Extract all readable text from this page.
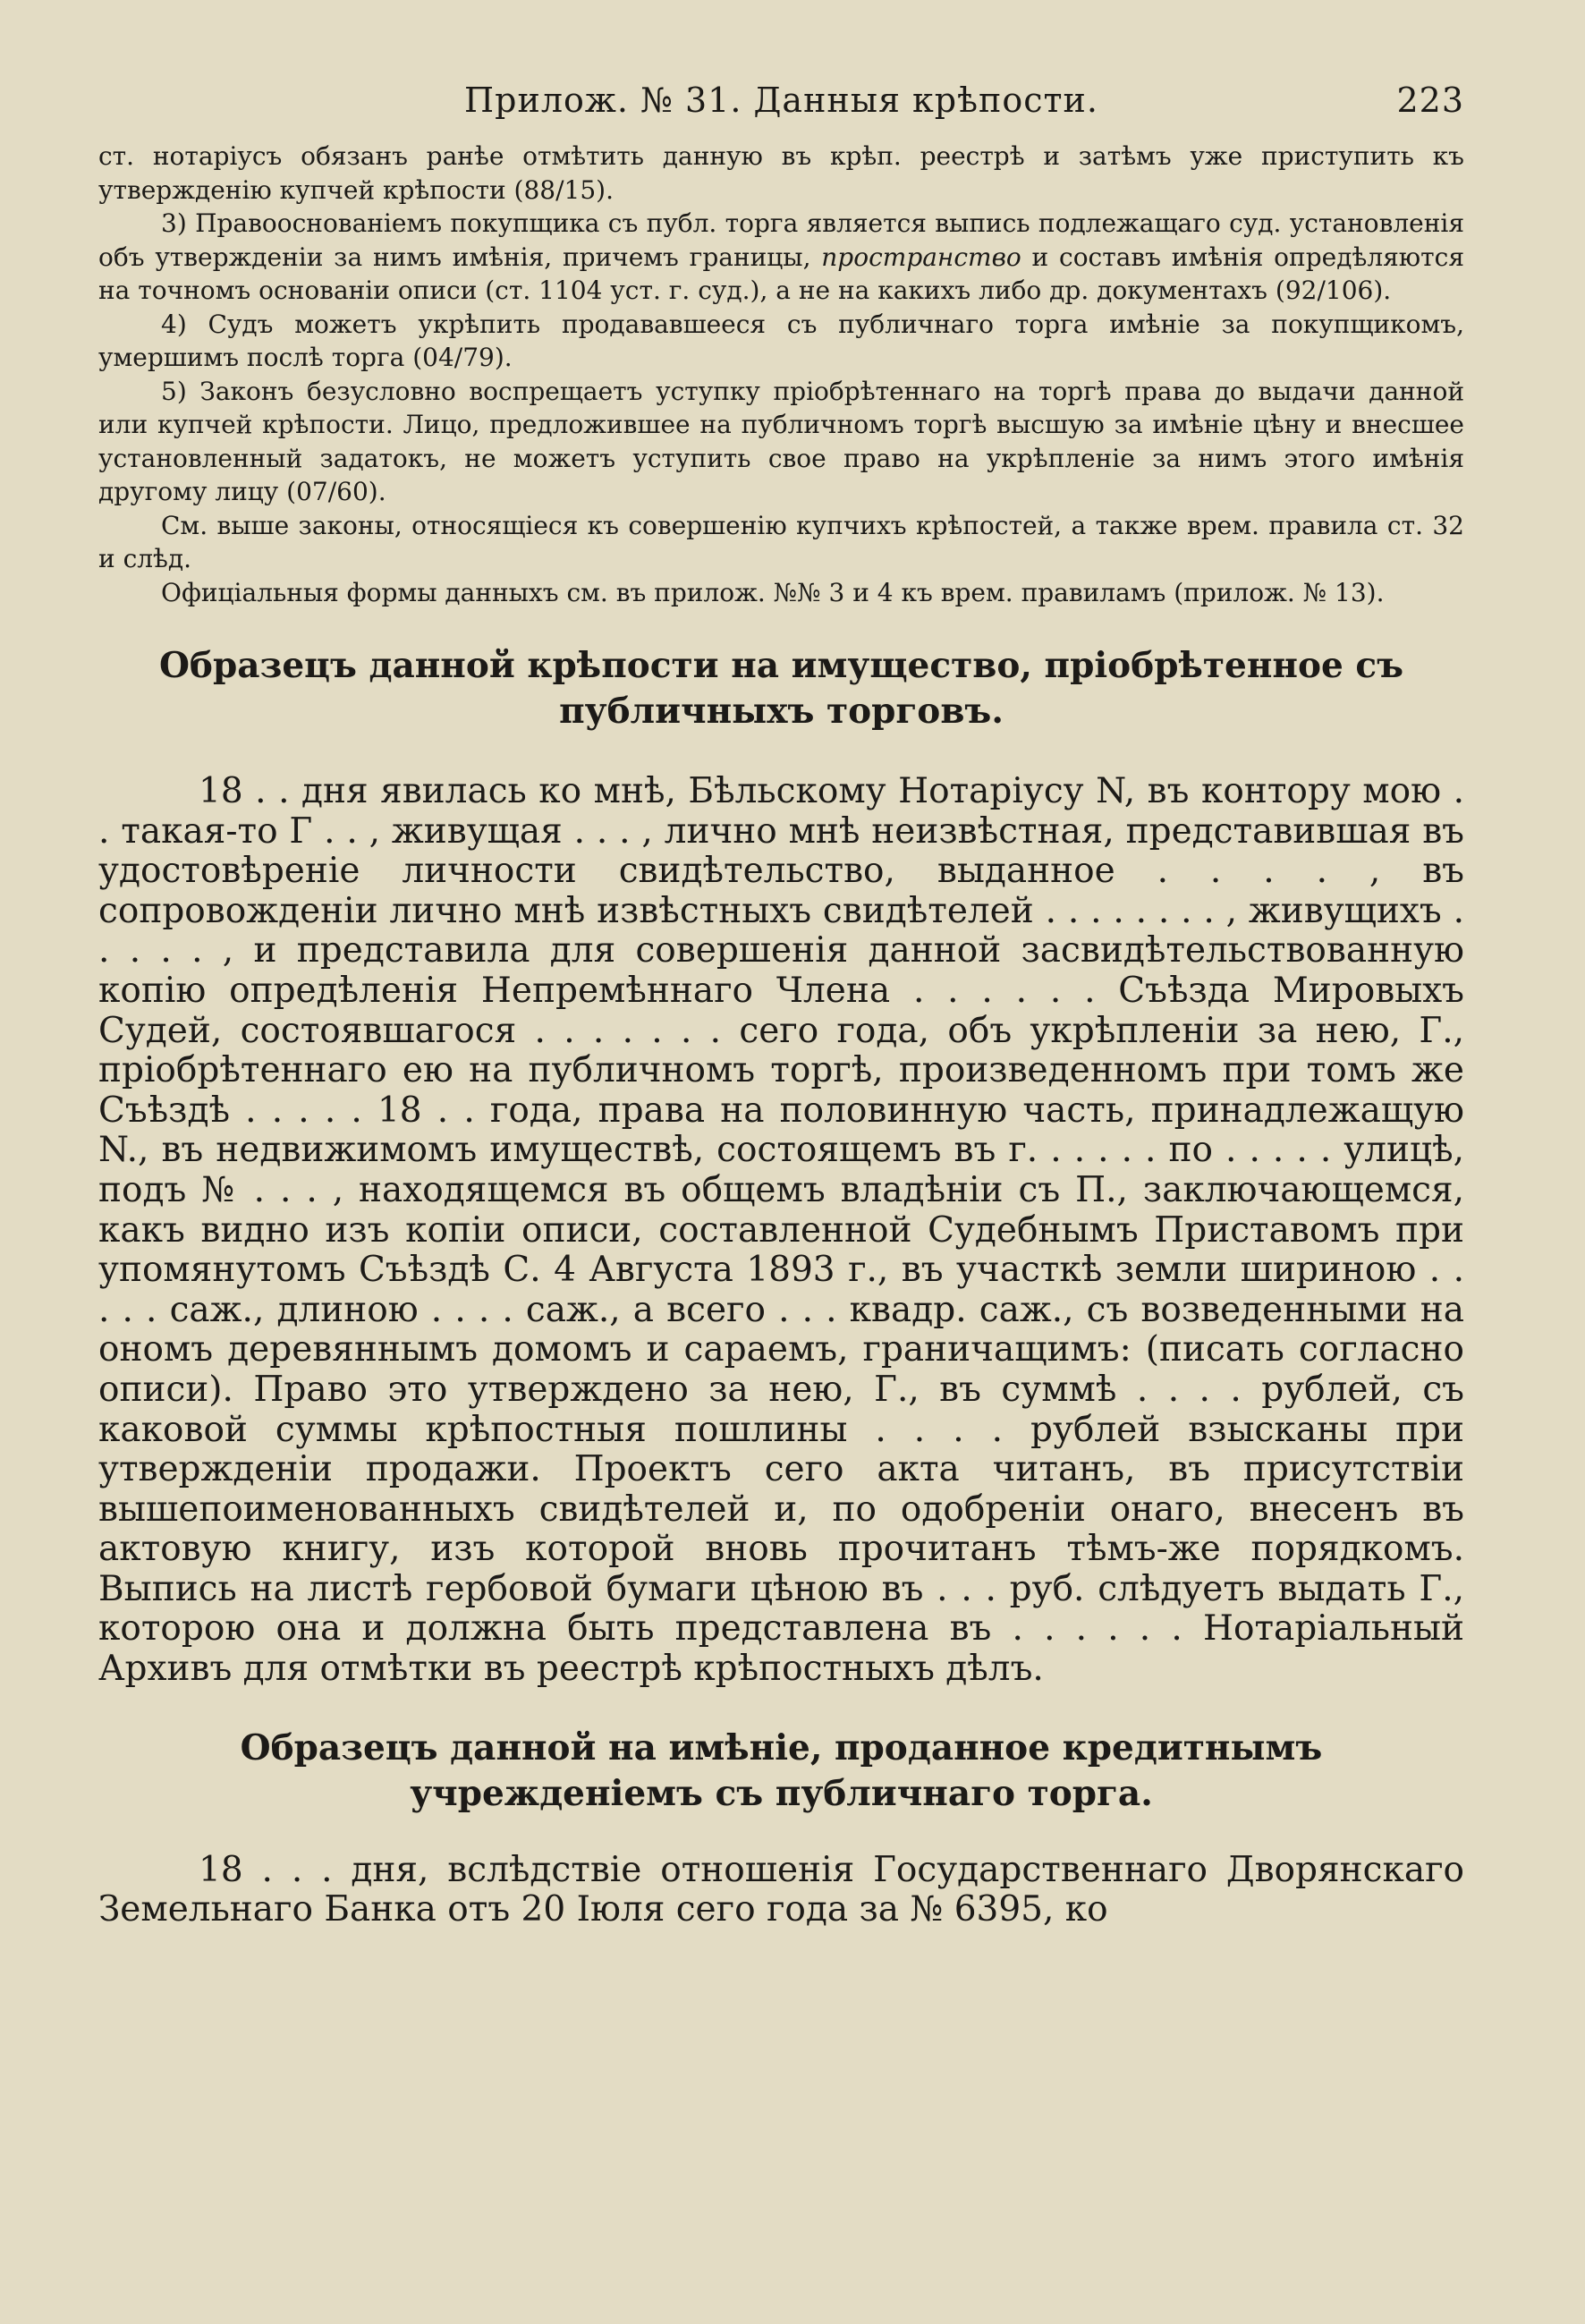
Прилож. № 31. Данныя крѣпости.	223

ст. нотаріусъ обязанъ ранѣе отмѣтить данную въ крѣп. реестрѣ и затѣмъ уже приступить къ утвержденію купчей крѣпости (88/15).

3) Правооснованіемъ покупщика съ публ. торга является выпись подлежащаго суд. установленія объ утвержденіи за нимъ имѣнія, причемъ границы, пространство и составъ имѣнія опредѣляются на точномъ основаніи описи (ст. 1104 уст. г. суд.), а не на какихъ либо др. документахъ (92/106).

4) Судъ можетъ укрѣпить продававшееся съ публичнаго торга имѣніе за покупщикомъ, умершимъ послѣ торга (04/79).

5) Законъ безусловно воспрещаетъ уступку пріобрѣтеннаго на торгѣ права до выдачи данной или купчей крѣпости. Лицо, предложившее на публичномъ торгѣ высшую за имѣніе цѣну и внесшее установленный задатокъ, не можетъ уступить свое право на укрѣпленіе за нимъ этого имѣнія другому лицу (07/60).

См. выше законы, относящіеся къ совершенію купчихъ крѣпостей, а также врем. правила ст. 32 и слѣд.

Офиціальныя формы данныхъ см. въ прилож. №№ 3 и 4 къ врем. правиламъ (прилож. № 13).

Образецъ данной крѣпости на имущество, пріобрѣтенное съ публичныхъ торговъ.

18 . . дня явилась ко мнѣ, Бѣльскому Нотаріусу N, въ контору мою . . такая-то Г . . , живущая . . . , лично мнѣ неизвѣстная, представившая въ удостовѣреніе личности свидѣтельство, выданное . . . . , въ сопровожденіи лично мнѣ извѣстныхъ свидѣтелей . . . . . . . . , живущихъ . . . . . , и представила для совершенія данной засвидѣтельствованную копію опредѣленія Непремѣннаго Члена . . . . . . Съѣзда Мировыхъ Судей, состоявшагося . . . . . . . сего года, объ укрѣпленіи за нею, Г., пріобрѣтеннаго ею на публичномъ торгѣ, произведенномъ при томъ же Съѣздѣ . . . . . 18 . . года, права на половинную часть, принадлежащую N., въ недвижимомъ имуществѣ, состоящемъ въ г. . . . . . по . . . . . улицѣ, подъ № . . . , находящемся въ общемъ владѣніи съ П., заключающемся, какъ видно изъ копіи описи, составленной Судебнымъ Приставомъ при упомянутомъ Съѣздѣ С. 4 Августа 1893 г., въ участкѣ земли шириною . . . . . саж., длиною . . . . саж., а всего . . . квадр. саж., съ возведенными на ономъ деревяннымъ домомъ и сараемъ, граничащимъ: (писать согласно описи). Право это утверждено за нею, Г., въ суммѣ . . . . рублей, съ каковой суммы крѣпостныя пошлины . . . . рублей взысканы при утвержденіи продажи. Проектъ сего акта читанъ, въ присутствіи вышепоименованныхъ свидѣтелей и, по одобреніи онаго, внесенъ въ актовую книгу, изъ которой вновь прочитанъ тѣмъ-же порядкомъ. Выпись на листѣ гербовой бумаги цѣною въ . . . руб. слѣдуетъ выдать Г., которою она и должна быть представлена въ . . . . . . Нотаріальный Архивъ для отмѣтки въ реестрѣ крѣпостныхъ дѣлъ.

Образецъ данной на имѣніе, проданное кредитнымъ учрежденіемъ съ публичнаго торга.

18 . . . дня, вслѣдствіе отношенія Государственнаго Дворянскаго Земельнаго Банка отъ 20 Іюля сего года за № 6395, ко
